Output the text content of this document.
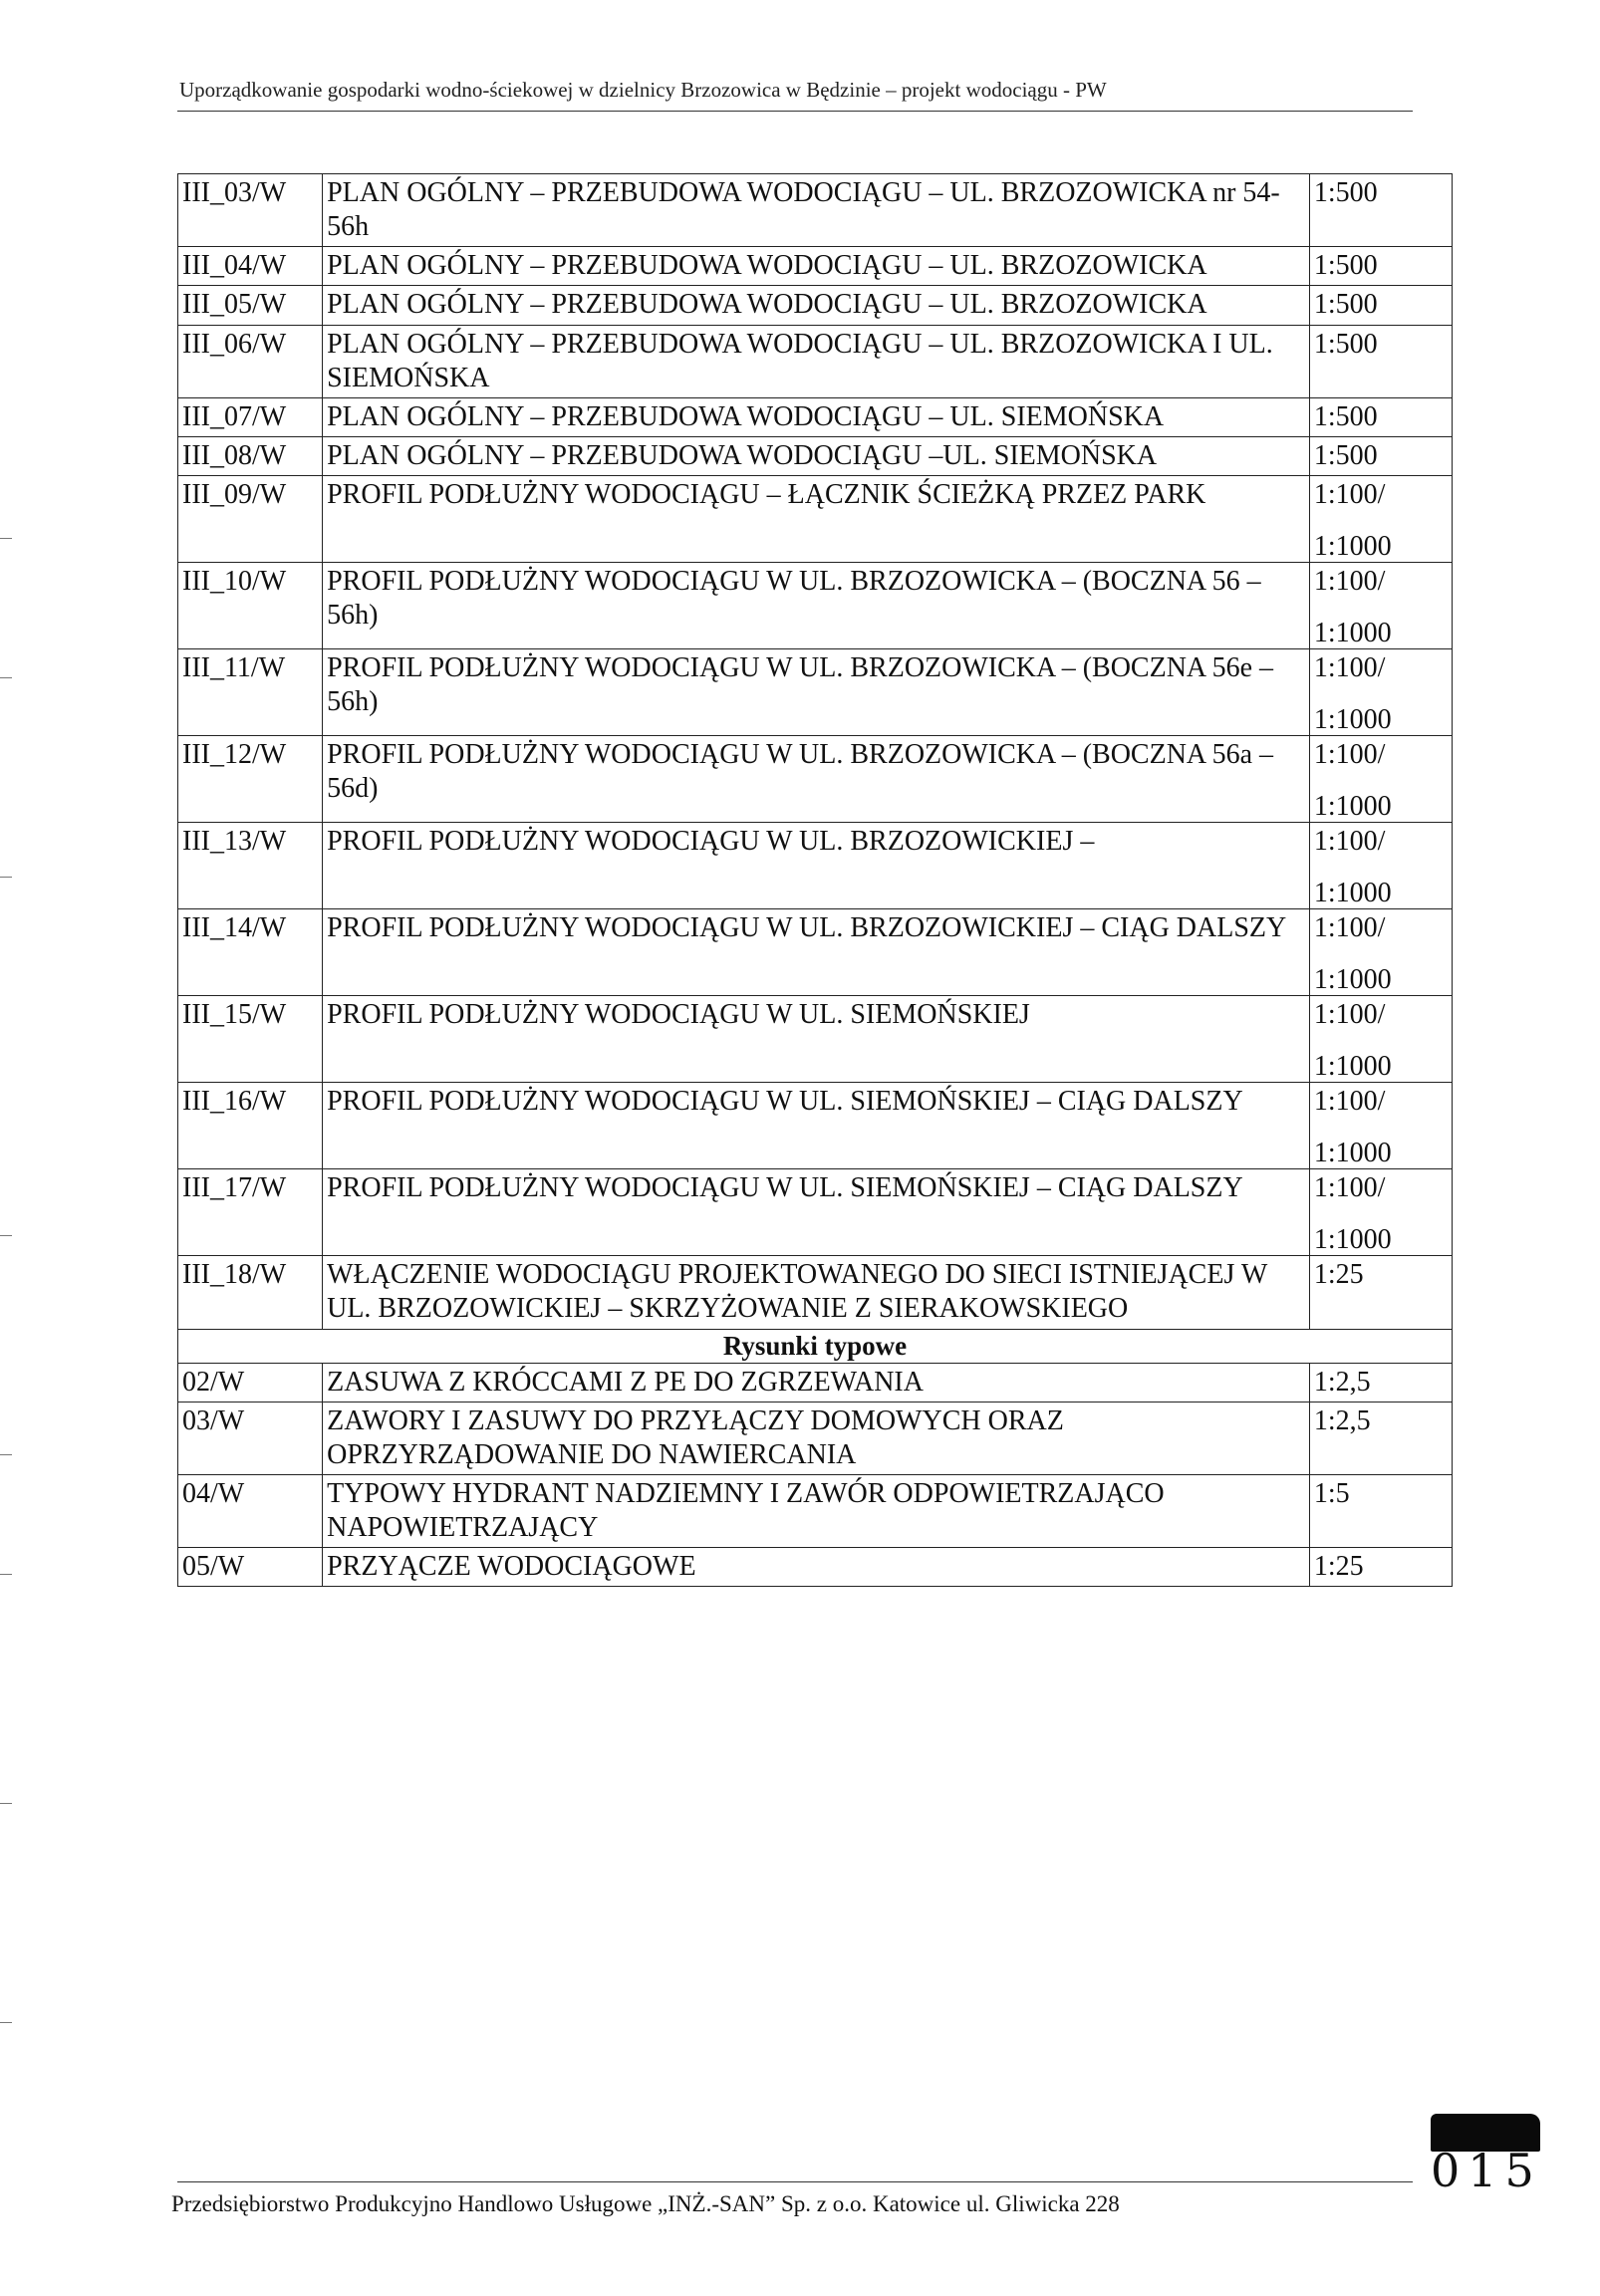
Uporządkowanie gospodarki wodno-ściekowej w dzielnicy Brzozowica w Będzinie – projekt wodociągu - PW
III_03/W	PLAN OGÓLNY – PRZEBUDOWA WODOCIĄGU – UL. BRZOZOWICKA nr 54-56h	1:500
III_04/W	PLAN OGÓLNY – PRZEBUDOWA WODOCIĄGU – UL. BRZOZOWICKA	1:500
III_05/W	PLAN OGÓLNY – PRZEBUDOWA WODOCIĄGU – UL. BRZOZOWICKA	1:500
III_06/W	PLAN OGÓLNY – PRZEBUDOWA WODOCIĄGU – UL. BRZOZOWICKA I UL. SIEMOŃSKA	1:500
III_07/W	PLAN OGÓLNY – PRZEBUDOWA WODOCIĄGU – UL. SIEMOŃSKA	1:500
III_08/W	PLAN OGÓLNY – PRZEBUDOWA WODOCIĄGU –UL. SIEMOŃSKA	1:500
III_09/W	PROFIL PODŁUŻNY WODOCIĄGU – ŁĄCZNIK ŚCIEŻKĄ PRZEZ PARK	1:100/
1:1000

III_10/W	PROFIL PODŁUŻNY WODOCIĄGU W UL. BRZOZOWICKA – (BOCZNA 56 – 56h)	1:100/
1:1000

III_11/W	PROFIL PODŁUŻNY WODOCIĄGU W UL. BRZOZOWICKA – (BOCZNA 56e – 56h)	1:100/
1:1000

III_12/W	PROFIL PODŁUŻNY WODOCIĄGU W UL. BRZOZOWICKA – (BOCZNA 56a – 56d)	1:100/
1:1000

III_13/W	PROFIL PODŁUŻNY WODOCIĄGU W UL. BRZOZOWICKIEJ –	1:100/
1:1000

III_14/W	PROFIL PODŁUŻNY WODOCIĄGU W UL. BRZOZOWICKIEJ – CIĄG DALSZY	1:100/
1:1000

III_15/W	PROFIL PODŁUŻNY WODOCIĄGU W UL. SIEMOŃSKIEJ	1:100/
1:1000

III_16/W	PROFIL PODŁUŻNY WODOCIĄGU W UL. SIEMOŃSKIEJ – CIĄG DALSZY	1:100/
1:1000

III_17/W	PROFIL PODŁUŻNY WODOCIĄGU W UL. SIEMOŃSKIEJ – CIĄG DALSZY	1:100/
1:1000

III_18/W	WŁĄCZENIE WODOCIĄGU PROJEKTOWANEGO DO SIECI ISTNIEJĄCEJ W UL. BRZOZOWICKIEJ – SKRZYŻOWANIE Z SIERAKOWSKIEGO	1:25
Rysunki typowe		
02/W	ZASUWA Z KRÓCCAMI Z PE DO ZGRZEWANIA	1:2,5
03/W	ZAWORY I ZASUWY DO PRZYŁĄCZY DOMOWYCH ORAZ OPRZYRZĄDOWANIE DO NAWIERCANIA	1:2,5
04/W	TYPOWY HYDRANT NADZIEMNY I ZAWÓR ODPOWIETRZAJĄCO NAPOWIETRZAJĄCY	1:5
05/W	PRZYĄCZE WODOCIĄGOWE	1:25
Przedsiębiorstwo Produkcyjno Handlowo Usługowe „INŻ.-SAN” Sp. z o.o. Katowice ul. Gliwicka 228
015
